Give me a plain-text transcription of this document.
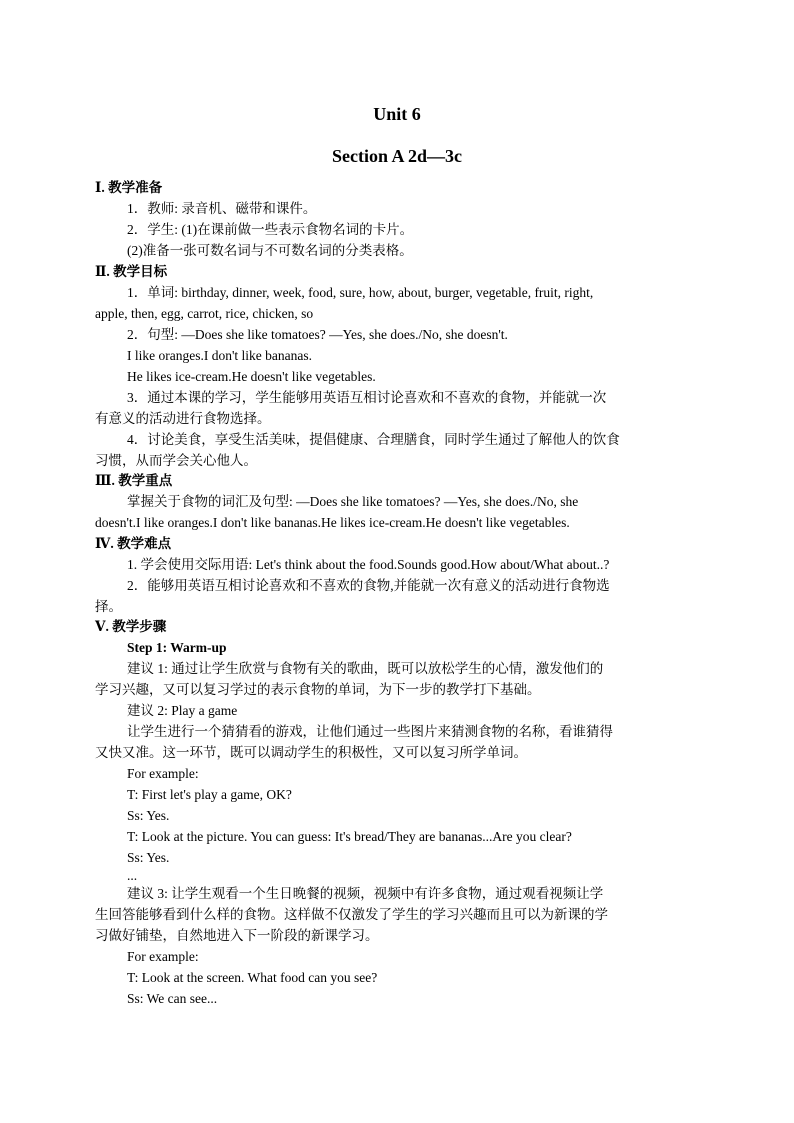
Unit 6
Section A 2d—3c
Ⅰ. 教学准备
1．教师: 录音机、磁带和课件。
2．学生: (1)在课前做一些表示食物名词的卡片。
(2)准备一张可数名词与不可数名词的分类表格。
Ⅱ. 教学目标
1．单词: birthday, dinner, week, food, sure, how, about, burger, vegetable, fruit, right,
apple, then, egg, carrot, rice, chicken, so
2．句型: —Does she like tomatoes? —Yes, she does./No, she doesn't.
I like oranges.I don't like bananas.
He likes ice-cream.He doesn't like vegetables.
3．通过本课的学习，学生能够用英语互相讨论喜欢和不喜欢的食物，并能就一次
有意义的活动进行食物选择。
4．讨论美食，享受生活美味，提倡健康、合理膳食，同时学生通过了解他人的饮食
习惯，从而学会关心他人。
Ⅲ. 教学重点
掌握关于食物的词汇及句型: —Does she like tomatoes? —Yes, she does./No, she
doesn't.I like oranges.I don't like bananas.He likes ice-cream.He doesn't like vegetables.
Ⅳ. 教学难点
1. 学会使用交际用语: Let's think about the food.Sounds good.How about/What about..?
2．能够用英语互相讨论喜欢和不喜欢的食物,并能就一次有意义的活动进行食物选
择。
Ⅴ. 教学步骤
Step 1: Warm-up
建议 1: 通过让学生欣赏与食物有关的歌曲，既可以放松学生的心情，激发他们的
学习兴趣，又可以复习学过的表示食物的单词，为下一步的教学打下基础。
建议 2: Play a game
让学生进行一个猜猜看的游戏，让他们通过一些图片来猜测食物的名称，看谁猜得
又快又准。这一环节，既可以调动学生的积极性，又可以复习所学单词。
For example:
T: First let's play a game, OK?
Ss: Yes.
T: Look at the picture. You can guess: It's bread/They are bananas...Are you clear?
Ss: Yes.
...
建议 3: 让学生观看一个生日晚餐的视频，视频中有许多食物，通过观看视频让学
生回答能够看到什么样的食物。这样做不仅激发了学生的学习兴趣而且可以为新课的学
习做好铺垫，自然地进入下一阶段的新课学习。
For example:
T: Look at the screen. What food can you see?
Ss: We can see...
